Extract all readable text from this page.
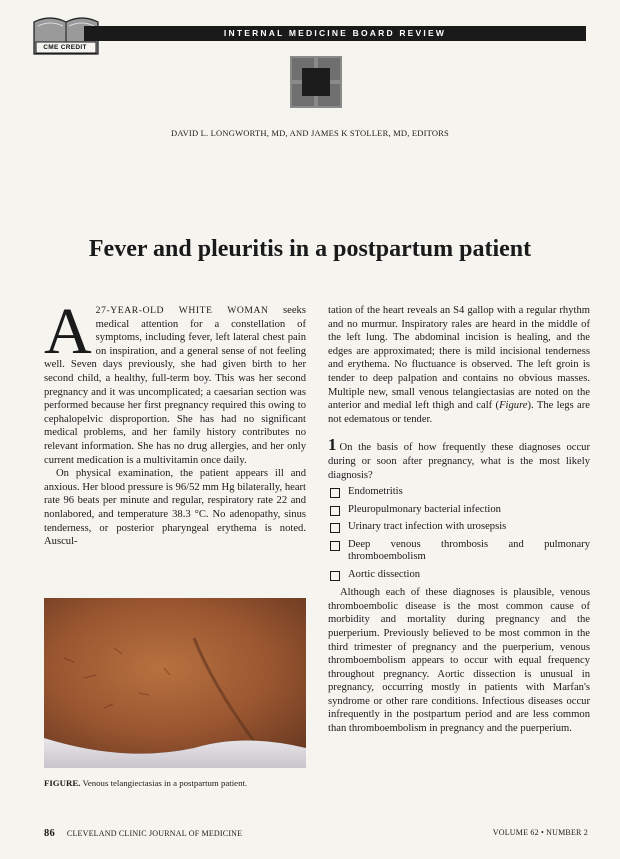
CME CREDIT
INTERNAL MEDICINE BOARD REVIEW
DAVID L. LONGWORTH, MD, AND JAMES K STOLLER, MD, EDITORS
Fever and pleuritis in a postpartum patient

A 27-YEAR-OLD WHITE WOMAN seeks medical attention for a constellation of symptoms, including fever, left lateral chest pain on inspiration, and a general sense of not feeling well. Seven days previously, she had given birth to her second child, a healthy, full-term boy. This was her second pregnancy and it was uncomplicated; a caesarian section was performed because her first pregnancy required this owing to cephalopelvic disproportion. She has had no significant medical problems, and her family history contributes no relevant information. She has no drug allergies, and her only current medication is a multivitamin once daily.

On physical examination, the patient appears ill and anxious. Her blood pressure is 96/52 mm Hg bilaterally, heart rate 96 beats per minute and regular, respiratory rate 22 and nonlabored, and temperature 38.3 °C. No adenopathy, sinus tenderness, or posterior pharyngeal erythema is noted. Auscul-

FIGURE. Venous telangiectasias in a postpartum patient.

tation of the heart reveals an S4 gallop with a regular rhythm and no murmur. Inspiratory rales are heard in the middle of the left lung. The abdominal incision is healing, and the edges are approximated; there is mild incisional tenderness and erythema. No fluctuance is observed. The left groin is tender to deep palpation and contains no obvious masses. Multiple new, small venous telangiectasias are noted on the anterior and medial left thigh and calf (Figure). The legs are not edematous or tender.

1 On the basis of how frequently these diagnoses occur during or soon after pregnancy, what is the most likely diagnosis?

Endometritis
Pleuropulmonary bacterial infection
Urinary tract infection with urosepsis
Deep venous thrombosis and pulmonary thromboembolism
Aortic dissection

Although each of these diagnoses is plausible, venous thromboembolic disease is the most common cause of morbidity and mortality during pregnancy and the puerperium. Previously believed to be most common in the third trimester of pregnancy and the puerperium, venous thromboembolism appears to occur with equal frequency throughout pregnancy. Aortic dissection is unusual in pregnancy, occurring mostly in patients with Marfan's syndrome or other rare conditions. Infectious diseases occur infrequently in the postpartum period and are less common than thromboembolism in pregnancy and the puerperium.

86 CLEVELAND CLINIC JOURNAL OF MEDICINE	VOLUME 62 • NUMBER 2
